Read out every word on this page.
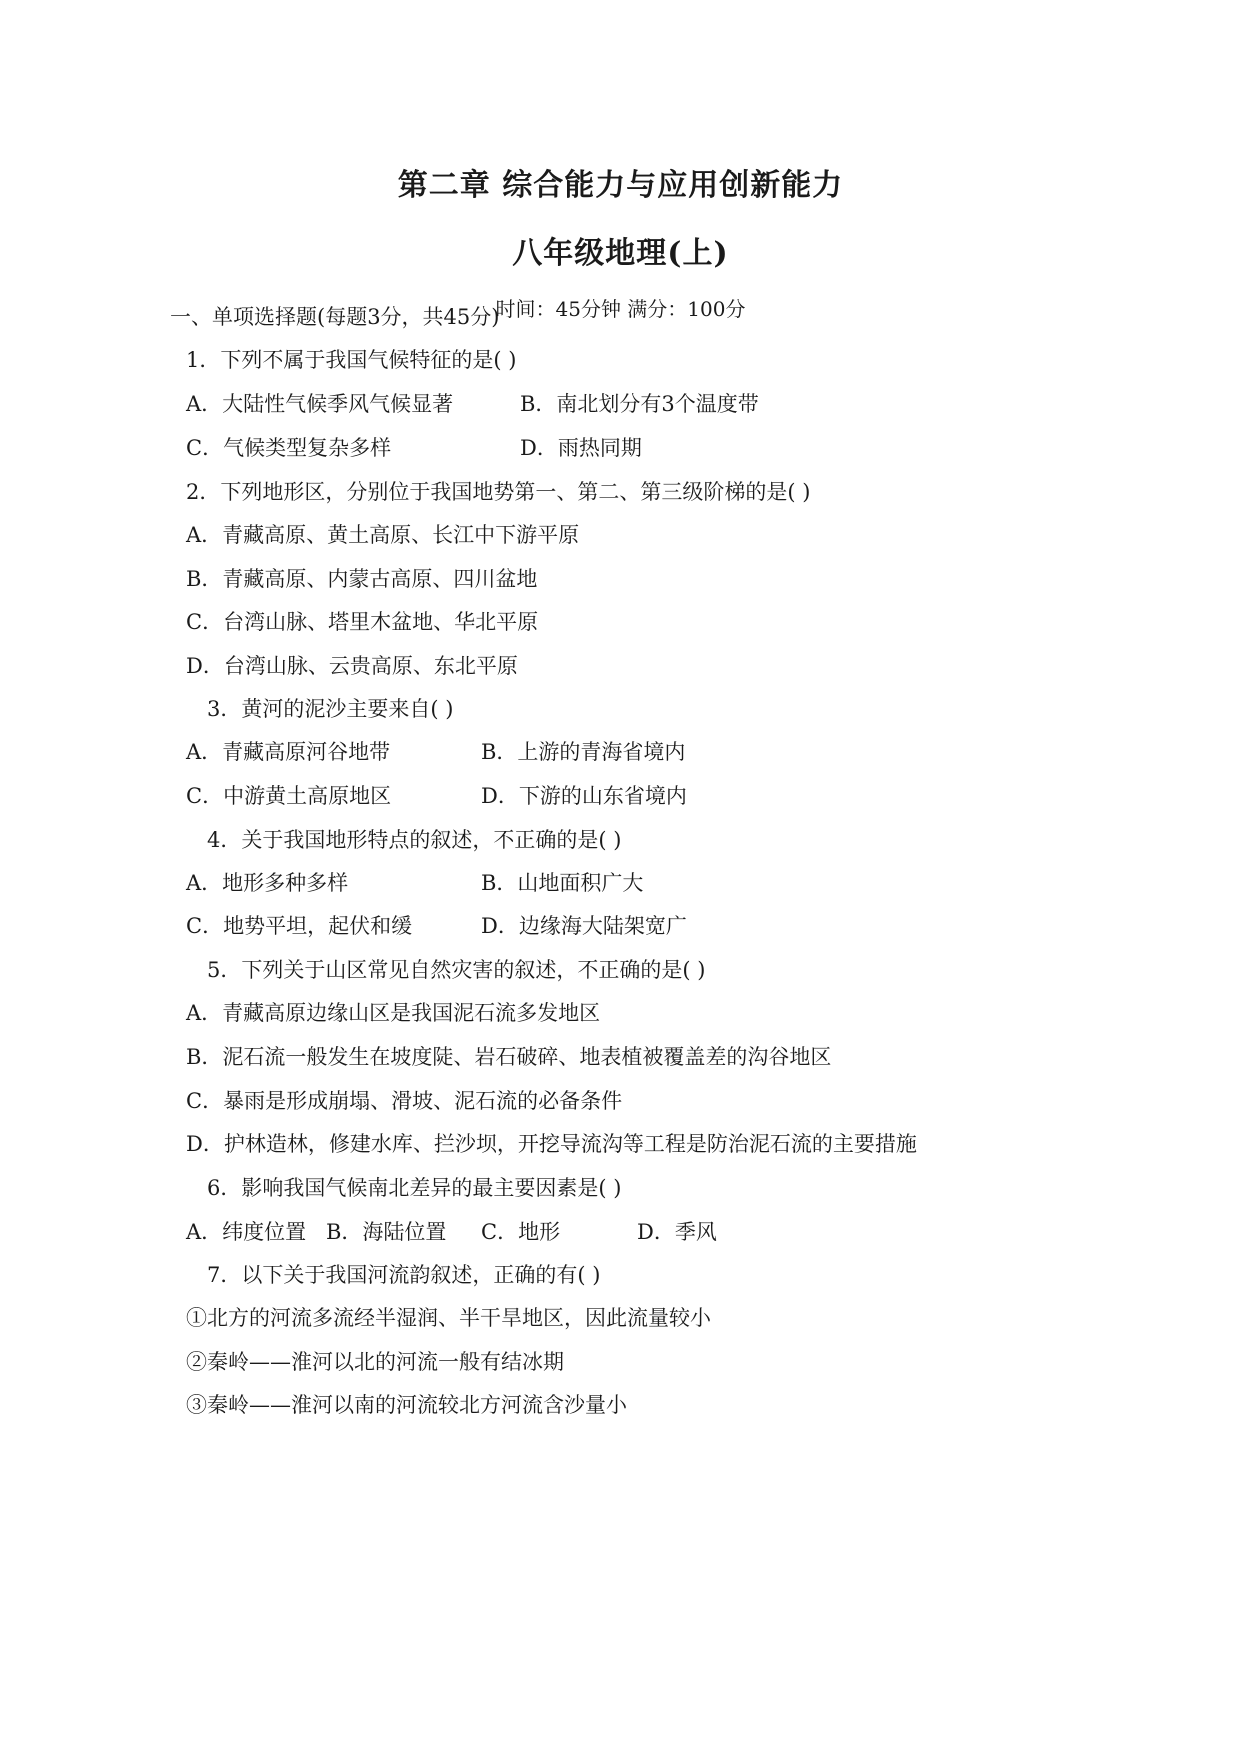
第二章 综合能力与应用创新能力
八年级地理(上)
时间：45分钟 满分：100分
一、单项选择题(每题3分，共45分)
1．下列不属于我国气候特征的是( )
A．大陆性气候季风气候显著	B．南北划分有3个温度带
C．气候类型复杂多样	D．雨热同期
2．下列地形区，分别位于我国地势第一、第二、第三级阶梯的是( )
A．青藏高原、黄土高原、长江中下游平原
B．青藏高原、内蒙古高原、四川盆地
C．台湾山脉、塔里木盆地、华北平原
D．台湾山脉、云贵高原、东北平原
3．黄河的泥沙主要来自( )
A．青藏高原河谷地带	B．上游的青海省境内
C．中游黄土高原地区	D．下游的山东省境内
4．关于我国地形特点的叙述，不正确的是( )
A．地形多种多样	B．山地面积广大
C．地势平坦，起伏和缓	D．边缘海大陆架宽广
5．下列关于山区常见自然灾害的叙述，不正确的是( )
A．青藏高原边缘山区是我国泥石流多发地区
B．泥石流一般发生在坡度陡、岩石破碎、地表植被覆盖差的沟谷地区
C．暴雨是形成崩塌、滑坡、泥石流的必备条件
D．护林造林，修建水库、拦沙坝，开挖导流沟等工程是防治泥石流的主要措施
6．影响我国气候南北差异的最主要因素是( )
A．纬度位置 B．海陆位置 C．地形	D．季风
7．以下关于我国河流韵叙述，正确的有( )
①北方的河流多流经半湿润、半干旱地区，因此流量较小
②秦岭——淮河以北的河流一般有结冰期
③秦岭——淮河以南的河流较北方河流含沙量小
